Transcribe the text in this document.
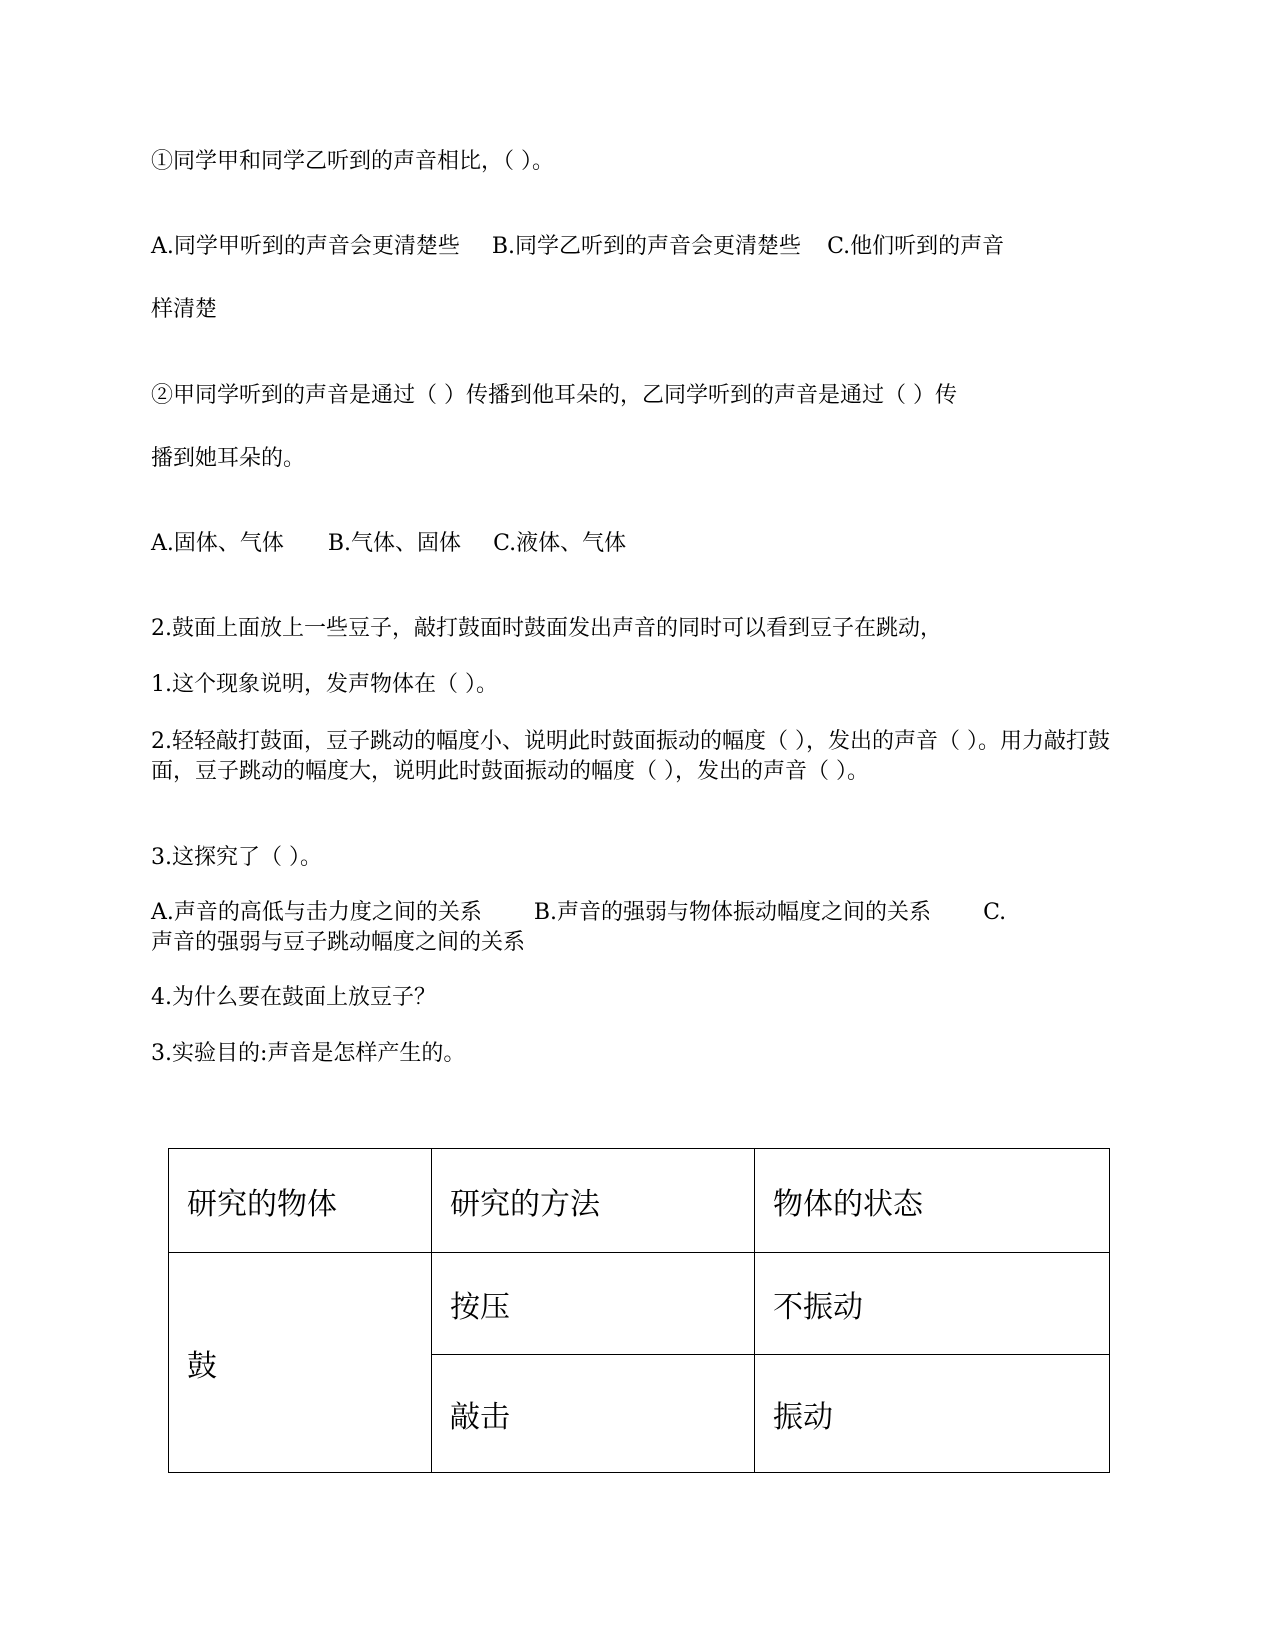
①同学甲和同学乙听到的声音相比，（ ）。
A.同学甲听到的声音会更清楚些 B.同学乙听到的声音会更清楚些 C.他们听到的声音
样清楚
②甲同学听到的声音是通过（ ）传播到他耳朵的，乙同学听到的声音是通过（ ）传
播到她耳朵的。
A.固体、气体 B.气体、固体 C.液体、气体
2.鼓面上面放上一些豆子，敲打鼓面时鼓面发出声音的同时可以看到豆子在跳动，
1.这个现象说明，发声物体在（ ）。
2.轻轻敲打鼓面，豆子跳动的幅度小、说明此时鼓面振动的幅度（ ），发出的声音（ ）。用力敲打鼓面，豆子跳动的幅度大，说明此时鼓面振动的幅度（ ），发出的声音（ ）。
3.这探究了（ ）。
A.声音的高低与击力度之间的关系 B.声音的强弱与物体振动幅度之间的关系 C.
声音的强弱与豆子跳动幅度之间的关系
4.为什么要在鼓面上放豆子？
3.实验目的:声音是怎样产生的。
研究的物体	研究的方法	物体的状态
鼓	按压	不振动
	敲击	振动
